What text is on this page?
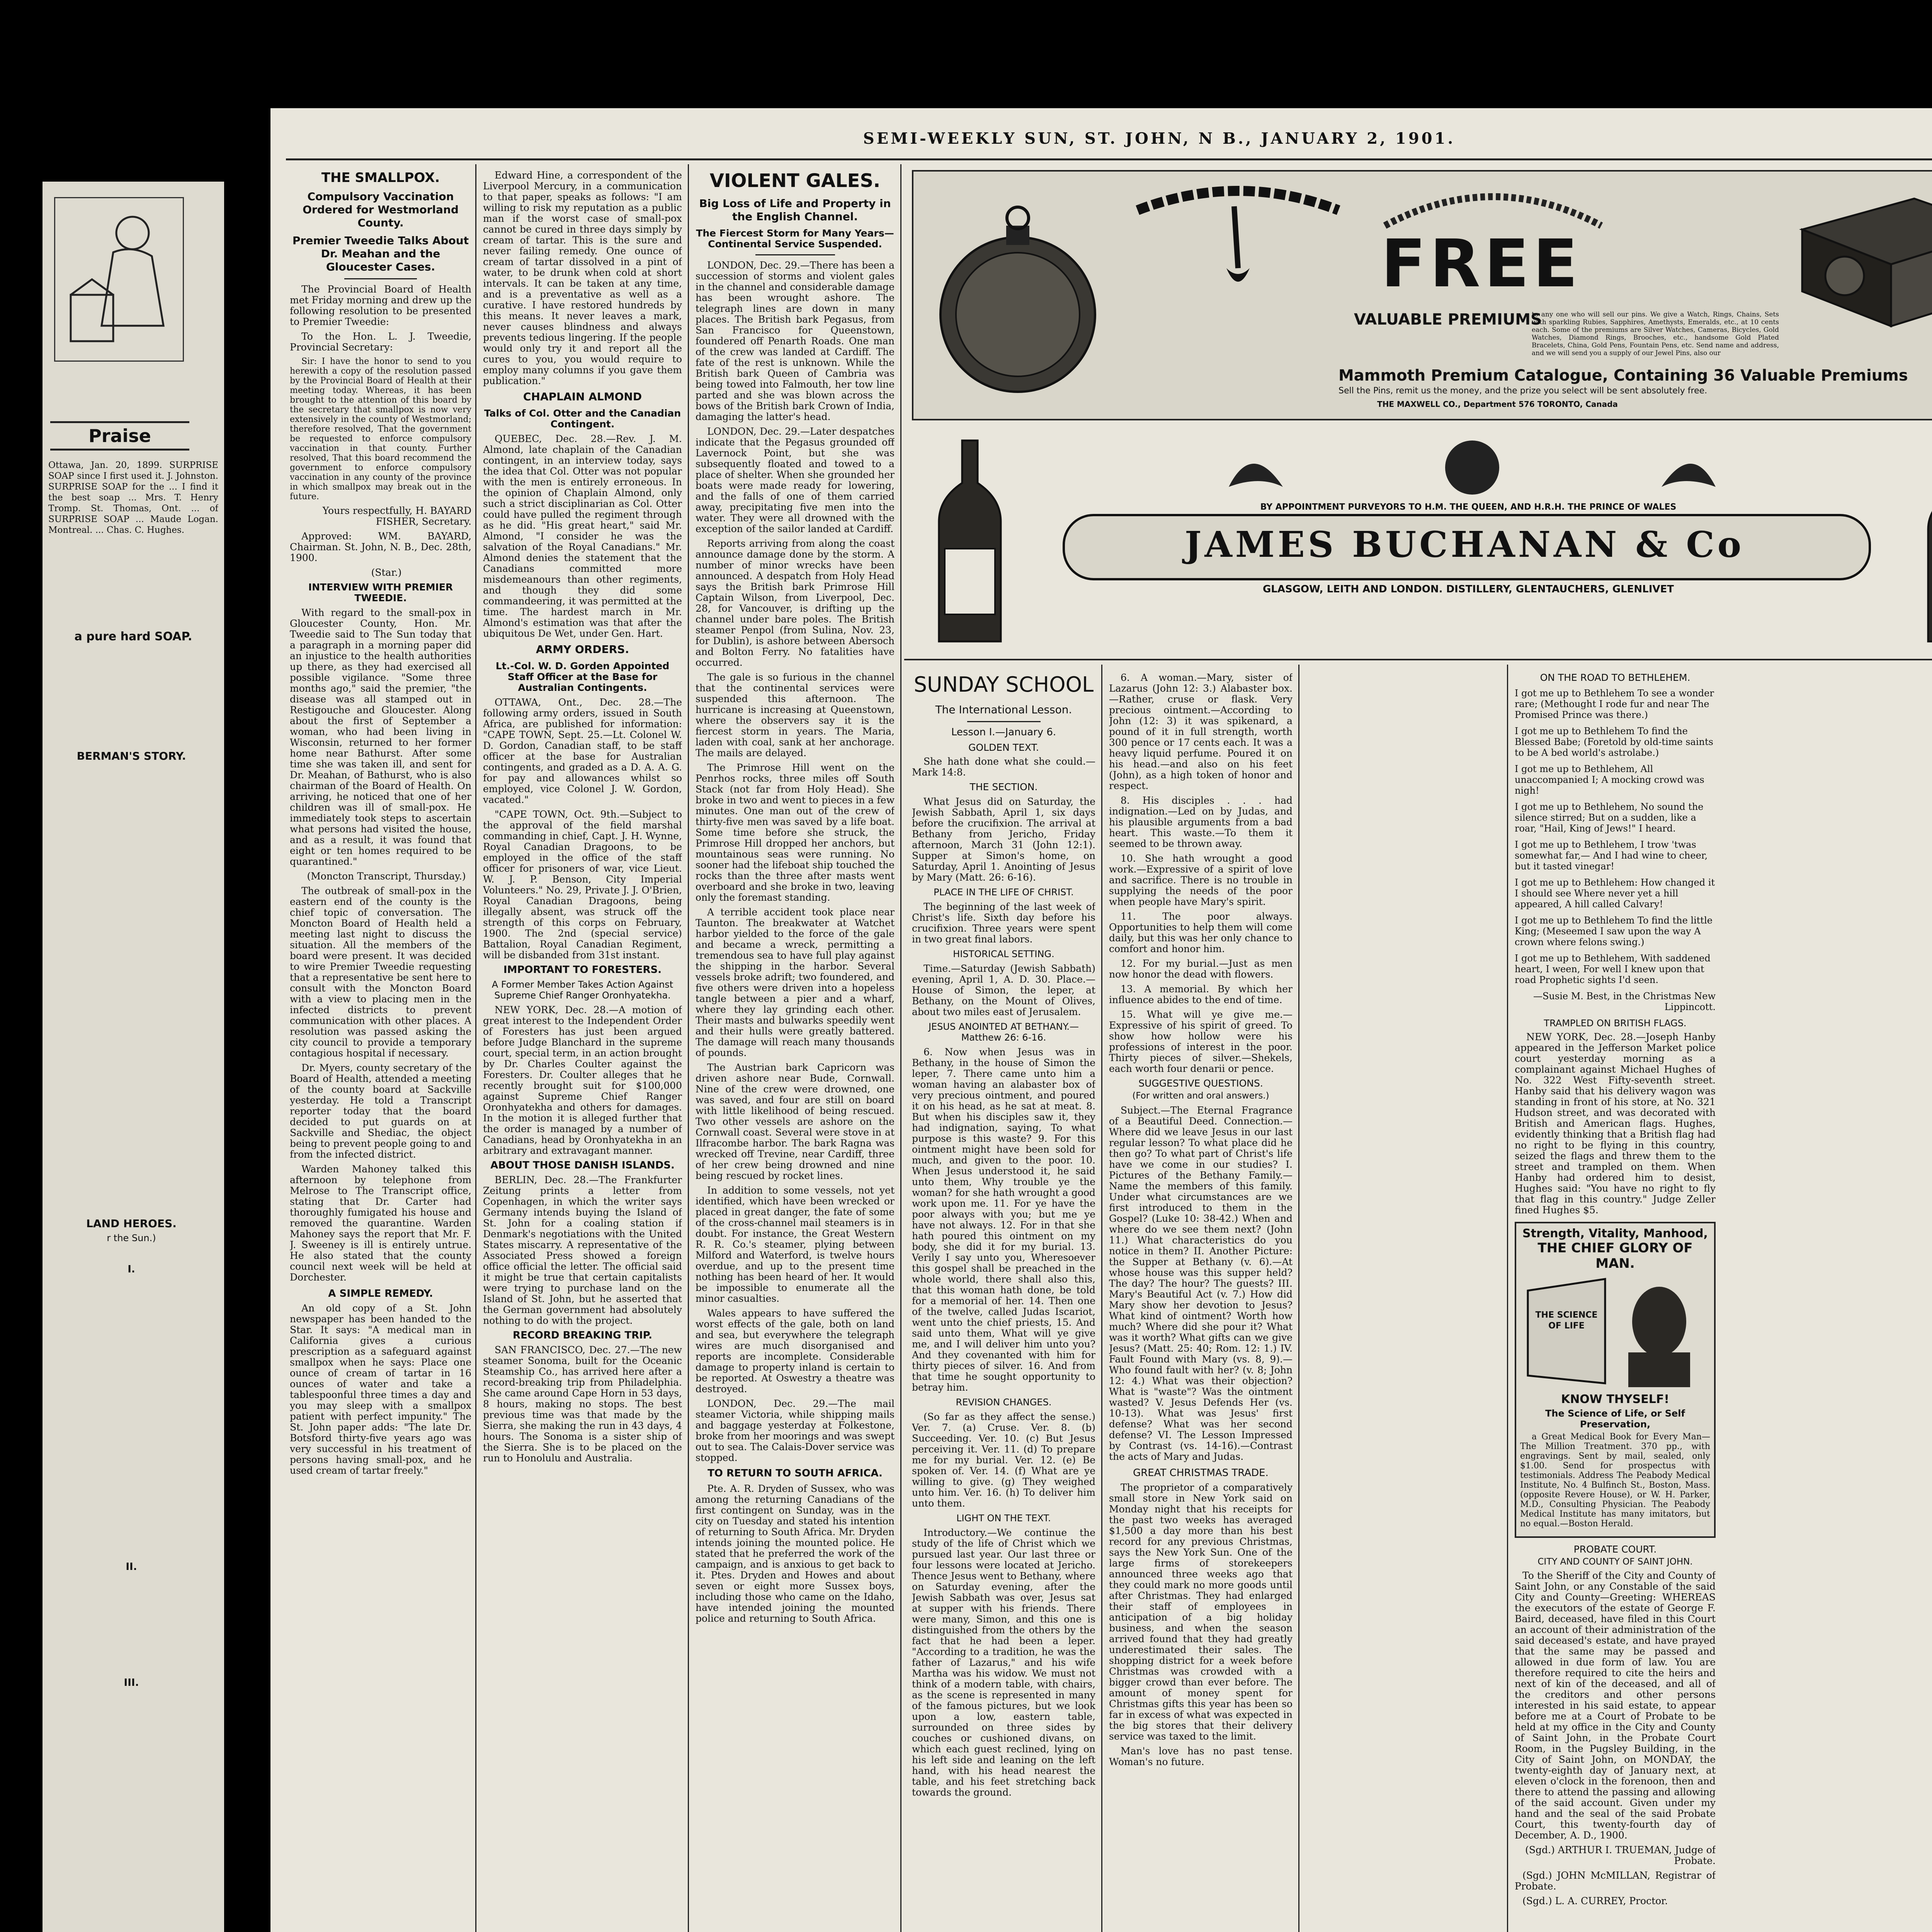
Praise
Ottawa, Jan. 20, 1899. SURPRISE SOAP since I first used it. J. Johnston. SURPRISE SOAP for the ... I find it the best soap ... Mrs. T. Henry Tromp. St. Thomas, Ont. ... of SURPRISE SOAP ... Maude Logan. Montreal. ... Chas. C. Hughes.
a pure hard SOAP.
BERMAN'S STORY.

LAND HEROES.
r the Sun.)
I.
II.
III.
SEMI-WEEKLY SUN, ST. JOHN, N B., JANUARY 2, 1901.
THE SMALLPOX.
Compulsory Vaccination Ordered for Westmorland County.
Premier Tweedie Talks About Dr. Meahan and the Gloucester Cases.

The Provincial Board of Health met Friday morning and drew up the following resolution to be presented to Premier Tweedie:

To the Hon. L. J. Tweedie, Provincial Secretary:

Sir: I have the honor to send to you herewith a copy of the resolution passed by the Provincial Board of Health at their meeting today. Whereas, it has been brought to the attention of this board by the secretary that smallpox is now very extensively in the county of Westmorland; therefore resolved, That the government be requested to enforce compulsory vaccination in that county. Further resolved, That this board recommend the government to enforce compulsory vaccination in any county of the province in which smallpox may break out in the future.

Yours respectfully, H. BAYARD FISHER, Secretary.

Approved: WM. BAYARD, Chairman. St. John, N. B., Dec. 28th, 1900.

(Star.)

INTERVIEW WITH PREMIER TWEEDIE.

With regard to the small-pox in Gloucester County, Hon. Mr. Tweedie said to The Sun today that a paragraph in a morning paper did an injustice to the health authorities up there, as they had exercised all possible vigilance. "Some three months ago," said the premier, "the disease was all stamped out in Restigouche and Gloucester. Along about the first of September a woman, who had been living in Wisconsin, returned to her former home near Bathurst. After some time she was taken ill, and sent for Dr. Meahan, of Bathurst, who is also chairman of the Board of Health. On arriving, he noticed that one of her children was ill of small-pox. He immediately took steps to ascertain what persons had visited the house, and as a result, it was found that eight or ten homes required to be quarantined."

(Moncton Transcript, Thursday.)

The outbreak of small-pox in the eastern end of the county is the chief topic of conversation. The Moncton Board of Health held a meeting last night to discuss the situation. All the members of the board were present. It was decided to wire Premier Tweedie requesting that a representative be sent here to consult with the Moncton Board with a view to placing men in the infected districts to prevent communication with other places. A resolution was passed asking the city council to provide a temporary contagious hospital if necessary.

Dr. Myers, county secretary of the Board of Health, attended a meeting of the county board at Sackville yesterday. He told a Transcript reporter today that the board decided to put guards on at Sackville and Shediac, the object being to prevent people going to and from the infected district.

Warden Mahoney talked this afternoon by telephone from Melrose to The Transcript office, stating that Dr. Carter had thoroughly fumigated his house and removed the quarantine. Warden Mahoney says the report that Mr. F. J. Sweeney is ill is entirely untrue. He also stated that the county council next week will be held at Dorchester.

A SIMPLE REMEDY.

An old copy of a St. John newspaper has been handed to the Star. It says: "A medical man in California gives a curious prescription as a safeguard against smallpox when he says: Place one ounce of cream of tartar in 16 ounces of water and take a tablespoonful three times a day and you may sleep with a smallpox patient with perfect impunity." The St. John paper adds: "The late Dr. Botsford thirty-five years ago was very successful in his treatment of persons having small-pox, and he used cream of tartar freely."

Edward Hine, a correspondent of the Liverpool Mercury, in a communication to that paper, speaks as follows: "I am willing to risk my reputation as a public man if the worst case of small-pox cannot be cured in three days simply by cream of tartar. This is the sure and never failing remedy. One ounce of cream of tartar dissolved in a pint of water, to be drunk when cold at short intervals. It can be taken at any time, and is a preventative as well as a curative. I have restored hundreds by this means. It never leaves a mark, never causes blindness and always prevents tedious lingering. If the people would only try it and report all the cures to you, you would require to employ many columns if you gave them publication."

CHAPLAIN ALMOND
Talks of Col. Otter and the Canadian Contingent.

QUEBEC, Dec. 28.—Rev. J. M. Almond, late chaplain of the Canadian contingent, in an interview today, says the idea that Col. Otter was not popular with the men is entirely erroneous. In the opinion of Chaplain Almond, only such a strict disciplinarian as Col. Otter could have pulled the regiment through as he did. "His great heart," said Mr. Almond, "I consider he was the salvation of the Royal Canadians." Mr. Almond denies the statement that the Canadians committed more misdemeanours than other regiments, and though they did some commandeering, it was permitted at the time. The hardest march in Mr. Almond's estimation was that after the ubiquitous De Wet, under Gen. Hart.

ARMY ORDERS.
Lt.-Col. W. D. Gorden Appointed Staff Officer at the Base for Australian Contingents.

OTTAWA, Ont., Dec. 28.—The following army orders, issued in South Africa, are published for information: "CAPE TOWN, Sept. 25.—Lt. Colonel W. D. Gordon, Canadian staff, to be staff officer at the base for Australian contingents, and graded as a D. A. A. G. for pay and allowances whilst so employed, vice Colonel J. W. Gordon, vacated."

"CAPE TOWN, Oct. 9th.—Subject to the approval of the field marshal commanding in chief, Capt. J. H. Wynne, Royal Canadian Dragoons, to be employed in the office of the staff officer for prisoners of war, vice Lieut. W. J. P. Benson, City Imperial Volunteers." No. 29, Private J. J. O'Brien, Royal Canadian Dragoons, being illegally absent, was struck off the strength of this corps on February, 1900. The 2nd (special service) Battalion, Royal Canadian Regiment, will be disbanded from 31st instant.

IMPORTANT TO FORESTERS.
A Former Member Takes Action Against Supreme Chief Ranger Oronhyatekha.

NEW YORK, Dec. 28.—A motion of great interest to the Independent Order of Foresters has just been argued before Judge Blanchard in the supreme court, special term, in an action brought by Dr. Charles Coulter against the Foresters. Dr. Coulter alleges that he recently brought suit for $100,000 against Supreme Chief Ranger Oronhyatekha and others for damages. In the motion it is alleged further that the order is managed by a number of Canadians, head by Oronhyatekha in an arbitrary and extravagant manner.

ABOUT THOSE DANISH ISLANDS.

BERLIN, Dec. 28.—The Frankfurter Zeitung prints a letter from Copenhagen, in which the writer says Germany intends buying the Island of St. John for a coaling station if Denmark's negotiations with the United States miscarry. A representative of the Associated Press showed a foreign office official the letter. The official said it might be true that certain capitalists were trying to purchase land on the Island of St. John, but he asserted that the German government had absolutely nothing to do with the project.

RECORD BREAKING TRIP.

SAN FRANCISCO, Dec. 27.—The new steamer Sonoma, built for the Oceanic Steamship Co., has arrived here after a record-breaking trip from Philadelphia. She came around Cape Horn in 53 days, 8 hours, making no stops. The best previous time was that made by the Sierra, she making the run in 43 days, 4 hours. The Sonoma is a sister ship of the Sierra. She is to be placed on the run to Honolulu and Australia.

VIOLENT GALES.
Big Loss of Life and Property in the English Channel.
The Fiercest Storm for Many Years—Continental Service Suspended.

LONDON, Dec. 29.—There has been a succession of storms and violent gales in the channel and considerable damage has been wrought ashore. The telegraph lines are down in many places. The British bark Pegasus, from San Francisco for Queenstown, foundered off Penarth Roads. One man of the crew was landed at Cardiff. The fate of the rest is unknown. While the British bark Queen of Cambria was being towed into Falmouth, her tow line parted and she was blown across the bows of the British bark Crown of India, damaging the latter's head.

LONDON, Dec. 29.—Later despatches indicate that the Pegasus grounded off Lavernock Point, but she was subsequently floated and towed to a place of shelter. When she grounded her boats were made ready for lowering, and the falls of one of them carried away, precipitating five men into the water. They were all drowned with the exception of the sailor landed at Cardiff.

Reports arriving from along the coast announce damage done by the storm. A number of minor wrecks have been announced. A despatch from Holy Head says the British bark Primrose Hill Captain Wilson, from Liverpool, Dec. 28, for Vancouver, is drifting up the channel under bare poles. The British steamer Penpol (from Sulina, Nov. 23, for Dublin), is ashore between Abersoch and Bolton Ferry. No fatalities have occurred.

The gale is so furious in the channel that the continental services were suspended this afternoon. The hurricane is increasing at Queenstown, where the observers say it is the fiercest storm in years. The Maria, laden with coal, sank at her anchorage. The mails are delayed.

The Primrose Hill went on the Penrhos rocks, three miles off South Stack (not far from Holy Head). She broke in two and went to pieces in a few minutes. One man out of the crew of thirty-five men was saved by a life boat. Some time before she struck, the Primrose Hill dropped her anchors, but mountainous seas were running. No sooner had the lifeboat ship touched the rocks than the three after masts went overboard and she broke in two, leaving only the foremast standing.

A terrible accident took place near Taunton. The breakwater at Watchet harbor yielded to the force of the gale and became a wreck, permitting a tremendous sea to have full play against the shipping in the harbor. Several vessels broke adrift; two foundered, and five others were driven into a hopeless tangle between a pier and a wharf, where they lay grinding each other. Their masts and bulwarks speedily went and their hulls were greatly battered. The damage will reach many thousands of pounds.

The Austrian bark Capricorn was driven ashore near Bude, Cornwall. Nine of the crew were drowned, one was saved, and four are still on board with little likelihood of being rescued. Two other vessels are ashore on the Cornwall coast. Several were stove in at Ilfracombe harbor. The bark Ragna was wrecked off Trevine, near Cardiff, three of her crew being drowned and nine being rescued by rocket lines.

In addition to some vessels, not yet identified, which have been wrecked or placed in great danger, the fate of some of the cross-channel mail steamers is in doubt. For instance, the Great Western R. R. Co.'s steamer, plying between Milford and Waterford, is twelve hours overdue, and up to the present time nothing has been heard of her. It would be impossible to enumerate all the minor casualties.

Wales appears to have suffered the worst effects of the gale, both on land and sea, but everywhere the telegraph wires are much disorganised and reports are incomplete. Considerable damage to property inland is certain to be reported. At Oswestry a theatre was destroyed.

LONDON, Dec. 29.—The mail steamer Victoria, while shipping mails and baggage yesterday at Folkestone, broke from her moorings and was swept out to sea. The Calais-Dover service was stopped.

TO RETURN TO SOUTH AFRICA.

Pte. A. R. Dryden of Sussex, who was among the returning Canadians of the first contingent on Sunday, was in the city on Tuesday and stated his intention of returning to South Africa. Mr. Dryden intends joining the mounted police. He stated that he preferred the work of the campaign, and is anxious to get back to it. Ptes. Dryden and Howes and about seven or eight more Sussex boys, including those who came on the Idaho, have intended joining the mounted police and returning to South Africa.

FREE
VALUABLE PREMIUMS
to any one who will sell our pins. We give a Watch, Rings, Chains, Sets with sparkling Rubies, Sapphires, Amethysts, Emeralds, etc., at 10 cents each. Some of the premiums are Silver Watches, Cameras, Bicycles, Gold Watches, Diamond Rings, Brooches, etc., handsome Gold Plated Bracelets, China, Gold Pens, Fountain Pens, etc. Send name and address, and we will send you a supply of our Jewel Pins, also our
Mammoth Premium Catalogue, Containing 36 Valuable Premiums
Sell the Pins, remit us the money, and the prize you select will be sent absolutely free.
THE MAXWELL CO., Department 576 TORONTO, Canada
BY APPOINTMENT PURVEYORS TO H.M. THE QUEEN, AND H.R.H. THE PRINCE OF WALES
JAMES BUCHANAN & Co
GLASGOW, LEITH AND LONDON. DISTILLERY, GLENTAUCHERS, GLENLIVET
SUNDAY SCHOOL
The International Lesson.
Lesson I.—January 6.
GOLDEN TEXT.

She hath done what she could.—Mark 14:8.

THE SECTION.

What Jesus did on Saturday, the Jewish Sabbath, April 1, six days before the crucifixion. The arrival at Bethany from Jericho, Friday afternoon, March 31 (John 12:1). Supper at Simon's home, on Saturday, April 1. Anointing of Jesus by Mary (Matt. 26: 6-16).

PLACE IN THE LIFE OF CHRIST.

The beginning of the last week of Christ's life. Sixth day before his crucifixion. Three years were spent in two great final labors.

HISTORICAL SETTING.

Time.—Saturday (Jewish Sabbath) evening, April 1, A. D. 30. Place.—House of Simon, the leper, at Bethany, on the Mount of Olives, about two miles east of Jerusalem.

JESUS ANOINTED AT BETHANY.—Matthew 26: 6-16.

6. Now when Jesus was in Bethany, in the house of Simon the leper, 7. There came unto him a woman having an alabaster box of very precious ointment, and poured it on his head, as he sat at meat. 8. But when his disciples saw it, they had indignation, saying, To what purpose is this waste? 9. For this ointment might have been sold for much, and given to the poor. 10. When Jesus understood it, he said unto them, Why trouble ye the woman? for she hath wrought a good work upon me. 11. For ye have the poor always with you; but me ye have not always. 12. For in that she hath poured this ointment on my body, she did it for my burial. 13. Verily I say unto you, Wheresoever this gospel shall be preached in the whole world, there shall also this, that this woman hath done, be told for a memorial of her. 14. Then one of the twelve, called Judas Iscariot, went unto the chief priests, 15. And said unto them, What will ye give me, and I will deliver him unto you? And they covenanted with him for thirty pieces of silver. 16. And from that time he sought opportunity to betray him.

REVISION CHANGES.

(So far as they affect the sense.) Ver. 7. (a) Cruse. Ver. 8. (b) Succeeding. Ver. 10. (c) But Jesus perceiving it. Ver. 11. (d) To prepare me for my burial. Ver. 12. (e) Be spoken of. Ver. 14. (f) What are ye willing to give. (g) They weighed unto him. Ver. 16. (h) To deliver him unto them.

LIGHT ON THE TEXT.

Introductory.—We continue the study of the life of Christ which we pursued last year. Our last three or four lessons were located at Jericho. Thence Jesus went to Bethany, where on Saturday evening, after the Jewish Sabbath was over, Jesus sat at supper with his friends. There were many, Simon, and this one is distinguished from the others by the fact that he had been a leper. "According to a tradition, he was the father of Lazarus," and his wife Martha was his widow. We must not think of a modern table, with chairs, as the scene is represented in many of the famous pictures, but we look upon a low, eastern table, surrounded on three sides by couches or cushioned divans, on which each guest reclined, lying on his left side and leaning on the left hand, with his head nearest the table, and his feet stretching back towards the ground.

6. A woman.—Mary, sister of Lazarus (John 12: 3.) Alabaster box.—Rather, cruse or flask. Very precious ointment.—According to John (12: 3) it was spikenard, a pound of it in full strength, worth 300 pence or 17 cents each. It was a heavy liquid perfume. Poured it on his head.—and also on his feet (John), as a high token of honor and respect.

8. His disciples . . . had indignation.—Led on by Judas, and his plausible arguments from a bad heart. This waste.—To them it seemed to be thrown away.

10. She hath wrought a good work.—Expressive of a spirit of love and sacrifice. There is no trouble in supplying the needs of the poor when people have Mary's spirit.

11. The poor always. Opportunities to help them will come daily, but this was her only chance to comfort and honor him.

12. For my burial.—Just as men now honor the dead with flowers.

13. A memorial. By which her influence abides to the end of time.

15. What will ye give me.—Expressive of his spirit of greed. To show how hollow were his professions of interest in the poor. Thirty pieces of silver.—Shekels, each worth four denarii or pence.

SUGGESTIVE QUESTIONS.
(For written and oral answers.)

Subject.—The Eternal Fragrance of a Beautiful Deed. Connection.—Where did we leave Jesus in our last regular lesson? To what place did he then go? To what part of Christ's life have we come in our studies? I. Pictures of the Bethany Family.—Name the members of this family. Under what circumstances are we first introduced to them in the Gospel? (Luke 10: 38-42.) When and where do we see them next? (John 11.) What characteristics do you notice in them? II. Another Picture: the Supper at Bethany (v. 6).—At whose house was this supper held? The day? The hour? The guests? III. Mary's Beautiful Act (v. 7.) How did Mary show her devotion to Jesus? What kind of ointment? Worth how much? Where did she pour it? What was it worth? What gifts can we give Jesus? (Matt. 25: 40; Rom. 12: 1.) IV. Fault Found with Mary (vs. 8, 9).—Who found fault with her? (v. 8; John 12: 4.) What was their objection? What is "waste"? Was the ointment wasted? V. Jesus Defends Her (vs. 10-13). What was Jesus' first defense? What was her second defense? VI. The Lesson Impressed by Contrast (vs. 14-16).—Contrast the acts of Mary and Judas.

GREAT CHRISTMAS TRADE.

The proprietor of a comparatively small store in New York said on Monday night that his receipts for the past two weeks has averaged $1,500 a day more than his best record for any previous Christmas, says the New York Sun. One of the large firms of storekeepers announced three weeks ago that they could mark no more goods until after Christmas. They had enlarged their staff of employees in anticipation of a big holiday business, and when the season arrived found that they had greatly underestimated their sales. The shopping district for a week before Christmas was crowded with a bigger crowd than ever before. The amount of money spent for Christmas gifts this year has been so far in excess of what was expected in the big stores that their delivery service was taxed to the limit.

Man's love has no past tense. Woman's no future.

ON THE ROAD TO BETHLEHEM.

I got me up to Bethlehem To see a wonder rare; (Methought I rode fur and near The Promised Prince was there.)

I got me up to Bethlehem To find the Blessed Babe; (Foretold by old-time saints to be A bed world's astrolabe.)

I got me up to Bethlehem, All unaccompanied I; A mocking crowd was nigh!

I got me up to Bethlehem, No sound the silence stirred; But on a sudden, like a roar, "Hail, King of Jews!" I heard.

I got me up to Bethlehem, I trow 'twas somewhat far,— And I had wine to cheer, but it tasted vinegar!

I got me up to Bethlehem: How changed it I should see Where never yet a hill appeared, A hill called Calvary!

I got me up to Bethlehem To find the little King; (Meseemed I saw upon the way A crown where felons swing.)

I got me up to Bethlehem, With saddened heart, I ween, For well I knew upon that road Prophetic sights I'd seen.

—Susie M. Best, in the Christmas New Lippincott.

TRAMPLED ON BRITISH FLAGS.

NEW YORK, Dec. 28.—Joseph Hanby appeared in the Jefferson Market police court yesterday morning as a complainant against Michael Hughes of No. 322 West Fifty-seventh street. Hanby said that his delivery wagon was standing in front of his store, at No. 321 Hudson street, and was decorated with British and American flags. Hughes, evidently thinking that a British flag had no right to be flying in this country, seized the flags and threw them to the street and trampled on them. When Hanby had ordered him to desist, Hughes said: "You have no right to fly that flag in this country." Judge Zeller fined Hughes $5.

Strength, Vitality, Manhood,
THE CHIEF GLORY OF MAN.
THE SCIENCE OF LIFE
KNOW THYSELF!
The Science of Life, or Self Preservation,

a Great Medical Book for Every Man—The Million Treatment. 370 pp., with engravings. Sent by mail, sealed, only $1.00. Send for prospectus with testimonials. Address The Peabody Medical Institute, No. 4 Bulfinch St., Boston, Mass. (opposite Revere House), or W. H. Parker, M.D., Consulting Physician. The Peabody Medical Institute has many imitators, but no equal.—Boston Herald.

PROBATE COURT.
CITY AND COUNTY OF SAINT JOHN.

To the Sheriff of the City and County of Saint John, or any Constable of the said City and County—Greeting: WHEREAS the executors of the estate of George F. Baird, deceased, have filed in this Court an account of their administration of the said deceased's estate, and have prayed that the same may be passed and allowed in due form of law. You are therefore required to cite the heirs and next of kin of the deceased, and all of the creditors and other persons interested in his said estate, to appear before me at a Court of Probate to be held at my office in the City and County of Saint John, in the Probate Court Room, in the Pugsley Building, in the City of Saint John, on MONDAY, the twenty-eighth day of January next, at eleven o'clock in the forenoon, then and there to attend the passing and allowing of the said account. Given under my hand and the seal of the said Probate Court, this twenty-fourth day of December, A. D., 1900.

(Sgd.) ARTHUR I. TRUEMAN, Judge of Probate.

(Sgd.) JOHN McMILLAN, Registrar of Probate.

(Sgd.) L. A. CURREY, Proctor.
